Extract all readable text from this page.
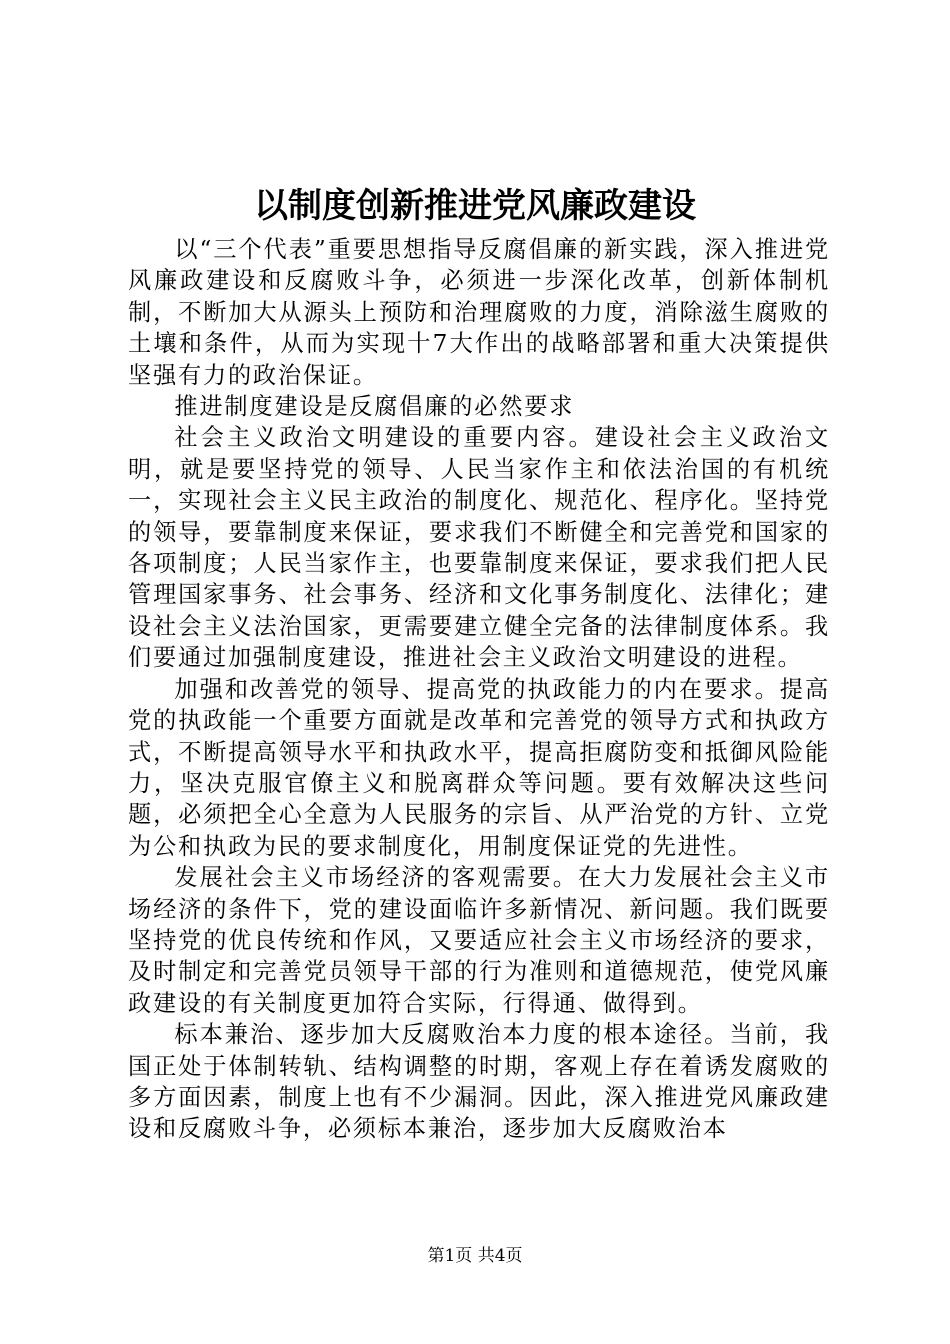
以制度创新推进党风廉政建设

以“三个代表”重要思想指导反腐倡廉的新实践，深入推进党风廉政建设和反腐败斗争，必须进一步深化改革，创新体制机制，不断加大从源头上预防和治理腐败的力度，消除滋生腐败的土壤和条件，从而为实现十7大作出的战略部署和重大决策提供坚强有力的政治保证。

推进制度建设是反腐倡廉的必然要求

社会主义政治文明建设的重要内容。建设社会主义政治文明，就是要坚持党的领导、人民当家作主和依法治国的有机统一，实现社会主义民主政治的制度化、规范化、程序化。坚持党的领导，要靠制度来保证，要求我们不断健全和完善党和国家的各项制度；人民当家作主，也要靠制度来保证，要求我们把人民管理国家事务、社会事务、经济和文化事务制度化、法律化；建设社会主义法治国家，更需要建立健全完备的法律制度体系。我们要通过加强制度建设，推进社会主义政治文明建设的进程。

加强和改善党的领导、提高党的执政能力的内在要求。提高党的执政能一个重要方面就是改革和完善党的领导方式和执政方式，不断提高领导水平和执政水平，提高拒腐防变和抵御风险能力，坚决克服官僚主义和脱离群众等问题。要有效解决这些问题，必须把全心全意为人民服务的宗旨、从严治党的方针、立党为公和执政为民的要求制度化，用制度保证党的先进性。

发展社会主义市场经济的客观需要。在大力发展社会主义市场经济的条件下，党的建设面临许多新情况、新问题。我们既要坚持党的优良传统和作风，又要适应社会主义市场经济的要求，及时制定和完善党员领导干部的行为准则和道德规范，使党风廉政建设的有关制度更加符合实际，行得通、做得到。

标本兼治、逐步加大反腐败治本力度的根本途径。当前，我国正处于体制转轨、结构调整的时期，客观上存在着诱发腐败的多方面因素，制度上也有不少漏洞。因此，深入推进党风廉政建设和反腐败斗争，必须标本兼治，逐步加大反腐败治本

第1页 共4页
